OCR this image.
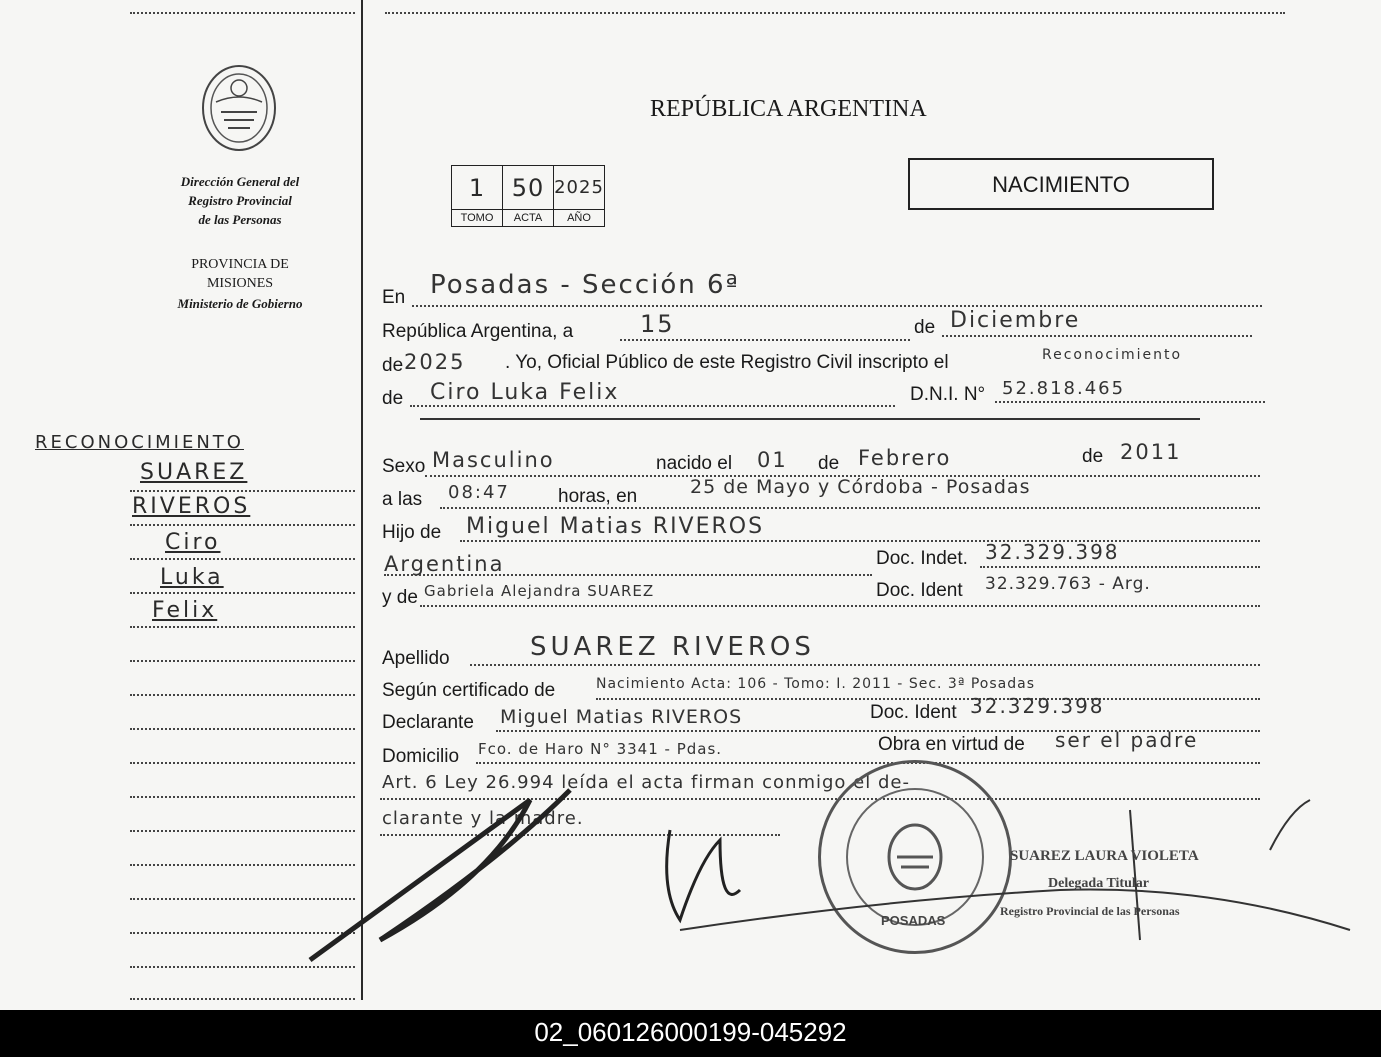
Dirección General del
Registro Provincial
de las Personas
PROVINCIA DE
MISIONES
Ministerio de Gobierno
RECONOCIMIENTO
SUAREZ
RIVEROS
Ciro
Luka
Felix
REPÚBLICA ARGENTINA
NACIMIENTO
1	50	2025
TOMO	ACTA	AÑO
En Posadas - Sección 6ª
República Argentina, a	15	de Diciembre
de 2025 . Yo, Oficial Público de este Registro Civil inscripto el	Reconocimiento
de Ciro Luka Felix	D.N.I. N° 52.818.465
Sexo Masculino	nacido el 01 de Febrero	de 2011
a las 08:47	horas, en	25 de Mayo y Córdoba - Posadas
Hijo de Miguel Matias RIVEROS
Argentina	Doc. Indet. 32.329.398
y de Gabriela Alejandra SUAREZ	Doc. Ident 32.329.763 - Arg.
Apellido	SUAREZ RIVEROS
Según certificado de	Nacimiento Acta: 106 - Tomo: I. 2011 - Sec. 3ª Posadas
Declarante Miguel Matias RIVEROS	Doc. Ident 32.329.398
Domicilio Fco. de Haro N° 3341 - Pdas.	Obra en virtud de ser el padre
Art. 6 Ley 26.994 leída el acta firman conmigo el de-
clarante y la madre.
POSADAS
SUAREZ LAURA VIOLETA
Delegada Titular
Registro Provincial de las Personas
02_060126000199-045292
